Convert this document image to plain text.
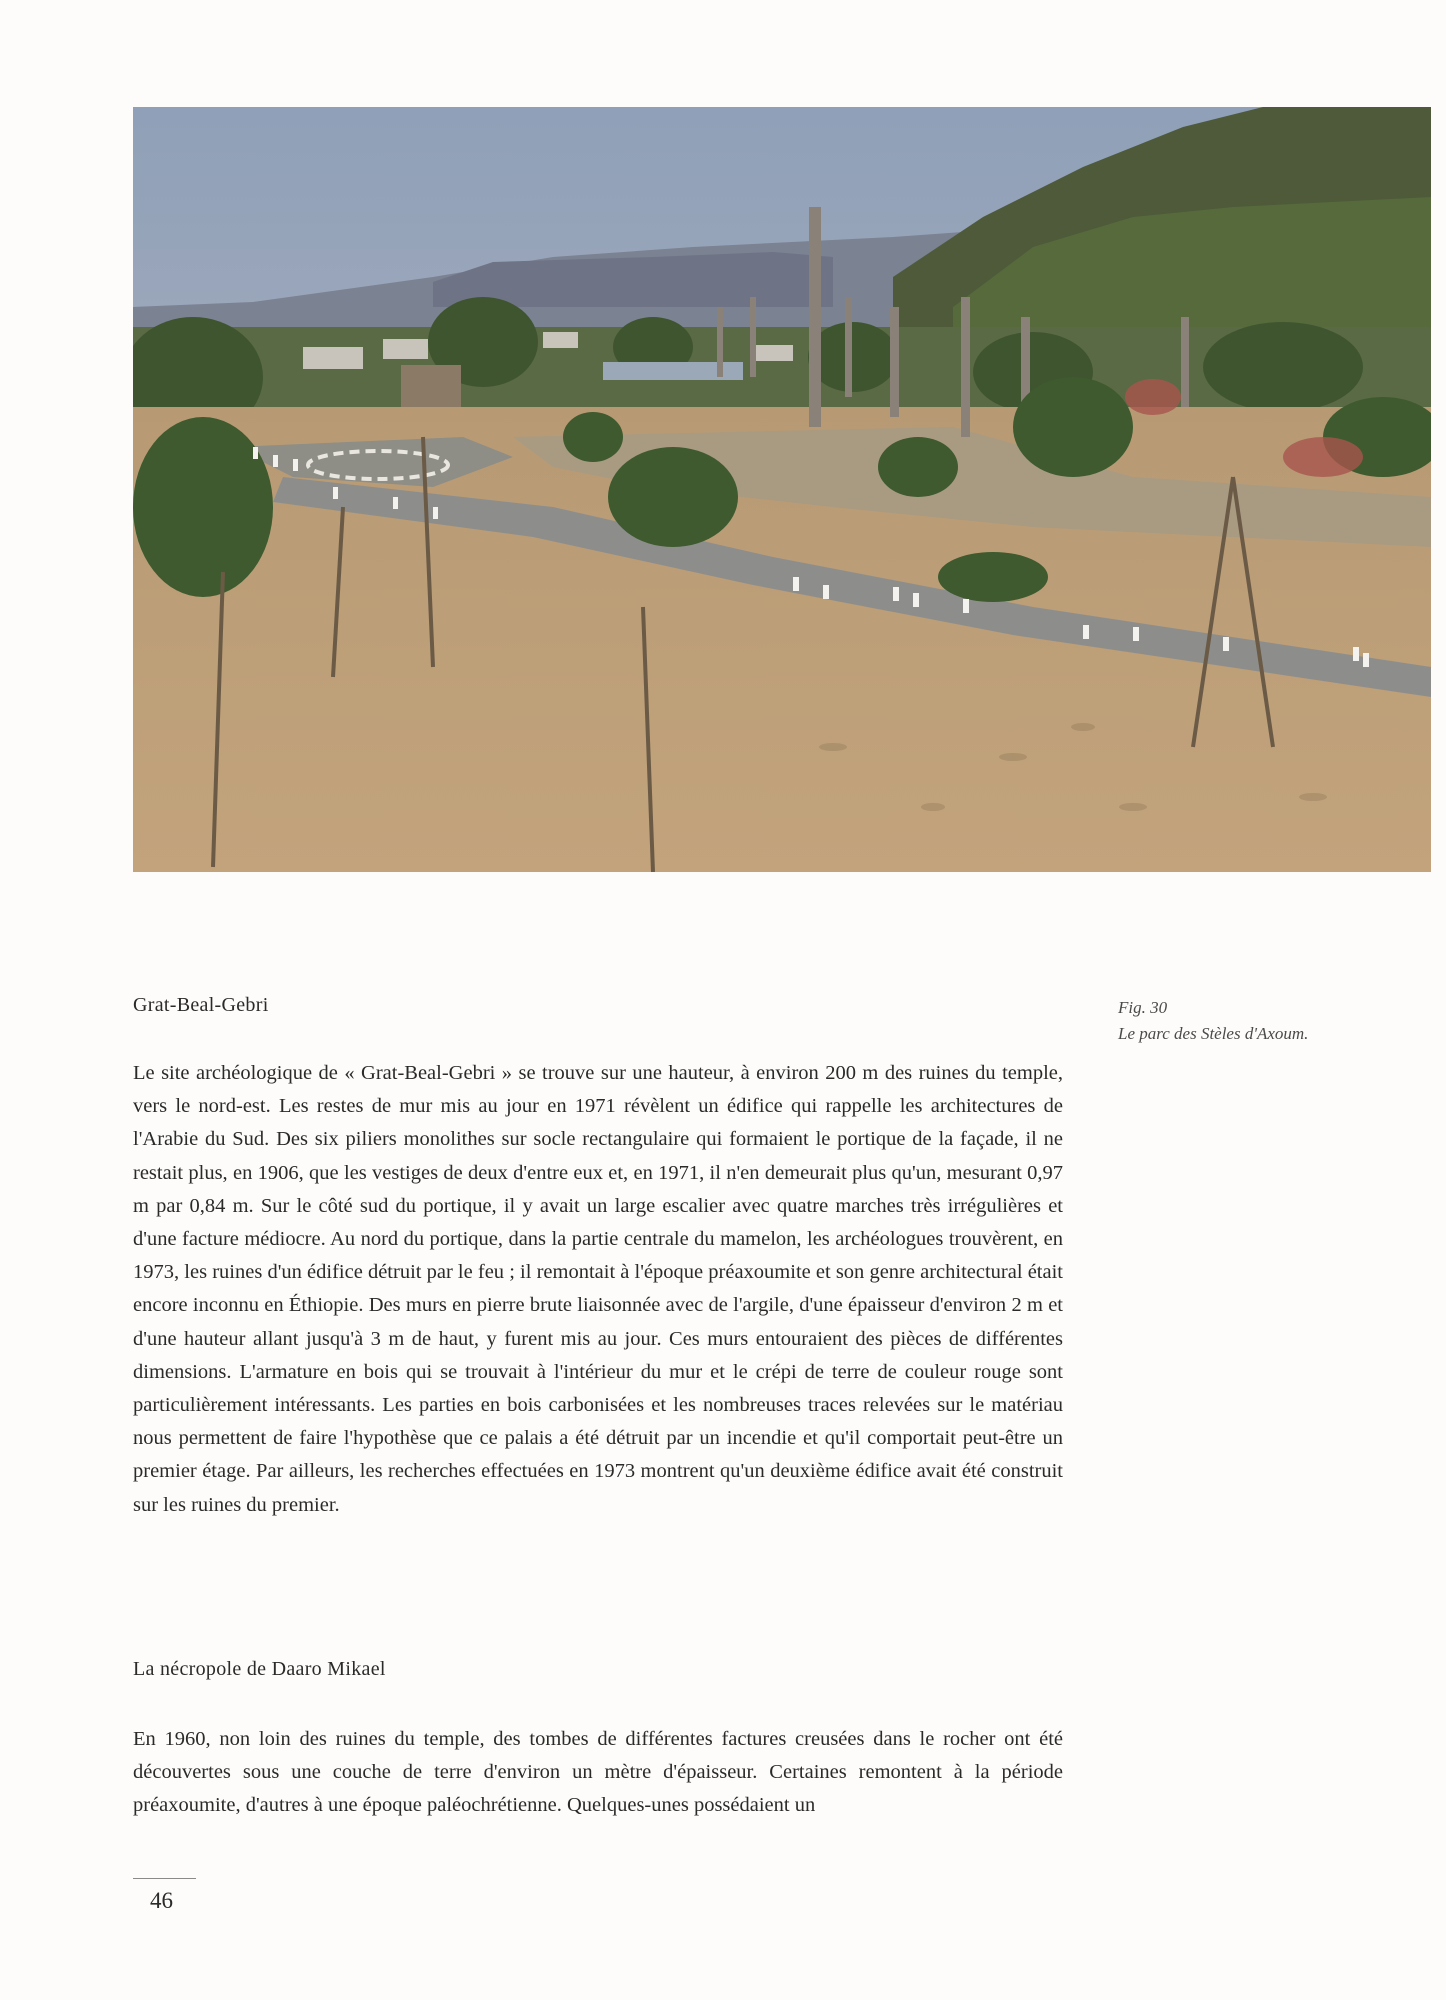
Fig. 30
Le parc des Stèles d'Axoum.
Grat-Beal-Gebri

Le site archéologique de « Grat-Beal-Gebri » se trouve sur une hauteur, à environ 200 m des ruines du temple, vers le nord-est. Les restes de mur mis au jour en 1971 révèlent un édifice qui rappelle les architectures de l'Arabie du Sud. Des six piliers monolithes sur socle rectangulaire qui formaient le portique de la façade, il ne restait plus, en 1906, que les vestiges de deux d'entre eux et, en 1971, il n'en demeurait plus qu'un, mesurant 0,97 m par 0,84 m. Sur le côté sud du portique, il y avait un large escalier avec quatre marches très irrégulières et d'une facture médiocre. Au nord du portique, dans la partie centrale du mamelon, les archéologues trouvèrent, en 1973, les ruines d'un édifice détruit par le feu ; il remontait à l'époque préaxoumite et son genre architectural était encore inconnu en Éthiopie. Des murs en pierre brute liaisonnée avec de l'argile, d'une épaisseur d'environ 2 m et d'une hauteur allant jusqu'à 3 m de haut, y furent mis au jour. Ces murs entouraient des pièces de différentes dimensions. L'armature en bois qui se trouvait à l'intérieur du mur et le crépi de terre de couleur rouge sont particulièrement intéressants. Les parties en bois carbonisées et les nombreuses traces relevées sur le matériau nous permettent de faire l'hypothèse que ce palais a été détruit par un incendie et qu'il comportait peut-être un premier étage. Par ailleurs, les recherches effectuées en 1973 montrent qu'un deuxième édifice avait été construit sur les ruines du premier.

La nécropole de Daaro Mikael

En 1960, non loin des ruines du temple, des tombes de différentes factures creusées dans le rocher ont été découvertes sous une couche de terre d'environ un mètre d'épaisseur. Certaines remontent à la période préaxoumite, d'autres à une époque paléochrétienne. Quelques-unes possédaient un

46
